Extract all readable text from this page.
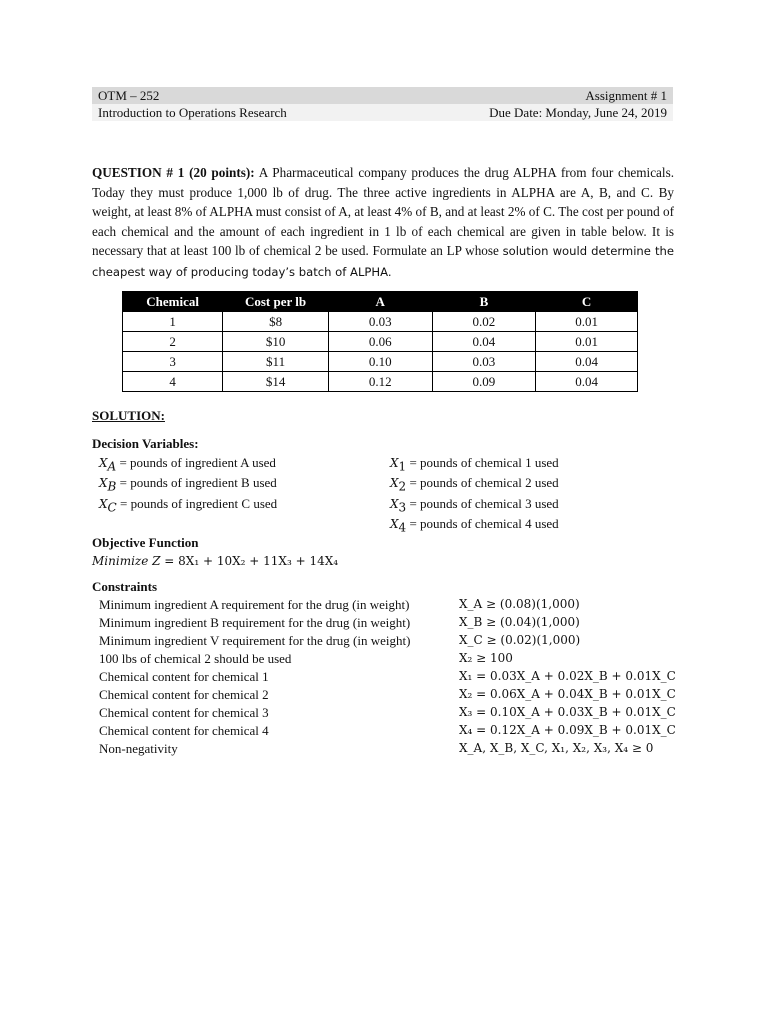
OTM – 252	Assignment # 1
Introduction to Operations Research	Due Date: Monday, June 24, 2019
QUESTION # 1 (20 points): A Pharmaceutical company produces the drug ALPHA from four chemicals. Today they must produce 1,000 lb of drug. The three active ingredients in ALPHA are A, B, and C. By weight, at least 8% of ALPHA must consist of A, at least 4% of B, and at least 2% of C. The cost per pound of each chemical and the amount of each ingredient in 1 lb of each chemical are given in table below. It is necessary that at least 100 lb of chemical 2 be used. Formulate an LP whose solution would determine the cheapest way of producing today’s batch of ALPHA.
Chemical	Cost per lb	A	B	C
1	$8	0.03	0.02	0.01
2	$10	0.06	0.04	0.01
3	$11	0.10	0.03	0.04
4	$14	0.12	0.09	0.04
SOLUTION:
Decision Variables:
$X_A$ = pounds of ingredient A used
$X_B$ = pounds of ingredient B used
$X_C$ = pounds of ingredient C used
$X_1$ = pounds of chemical 1 used
$X_2$ = pounds of chemical 2 used
$X_3$ = pounds of chemical 3 used
$X_4$ = pounds of chemical 4 used
Objective Function
Minimize Z = 8X₁ + 10X₂ + 11X₃ + 14X₄
Constraints
Minimum ingredient A requirement for the drug (in weight)	X_A ≥ (0.08)(1,000)
Minimum ingredient B requirement for the drug (in weight)	X_B ≥ (0.04)(1,000)
Minimum ingredient V requirement for the drug (in weight)	X_C ≥ (0.02)(1,000)
100 lbs of chemical 2 should be used	X₂ ≥ 100
Chemical content for chemical 1	X₁ = 0.03X_A + 0.02X_B + 0.01X_C
Chemical content for chemical 2	X₂ = 0.06X_A + 0.04X_B + 0.01X_C
Chemical content for chemical 3	X₃ = 0.10X_A + 0.03X_B + 0.01X_C
Chemical content for chemical 4	X₄ = 0.12X_A + 0.09X_B + 0.01X_C
Non-negativity	X_A, X_B, X_C, X₁, X₂, X₃, X₄ ≥ 0
